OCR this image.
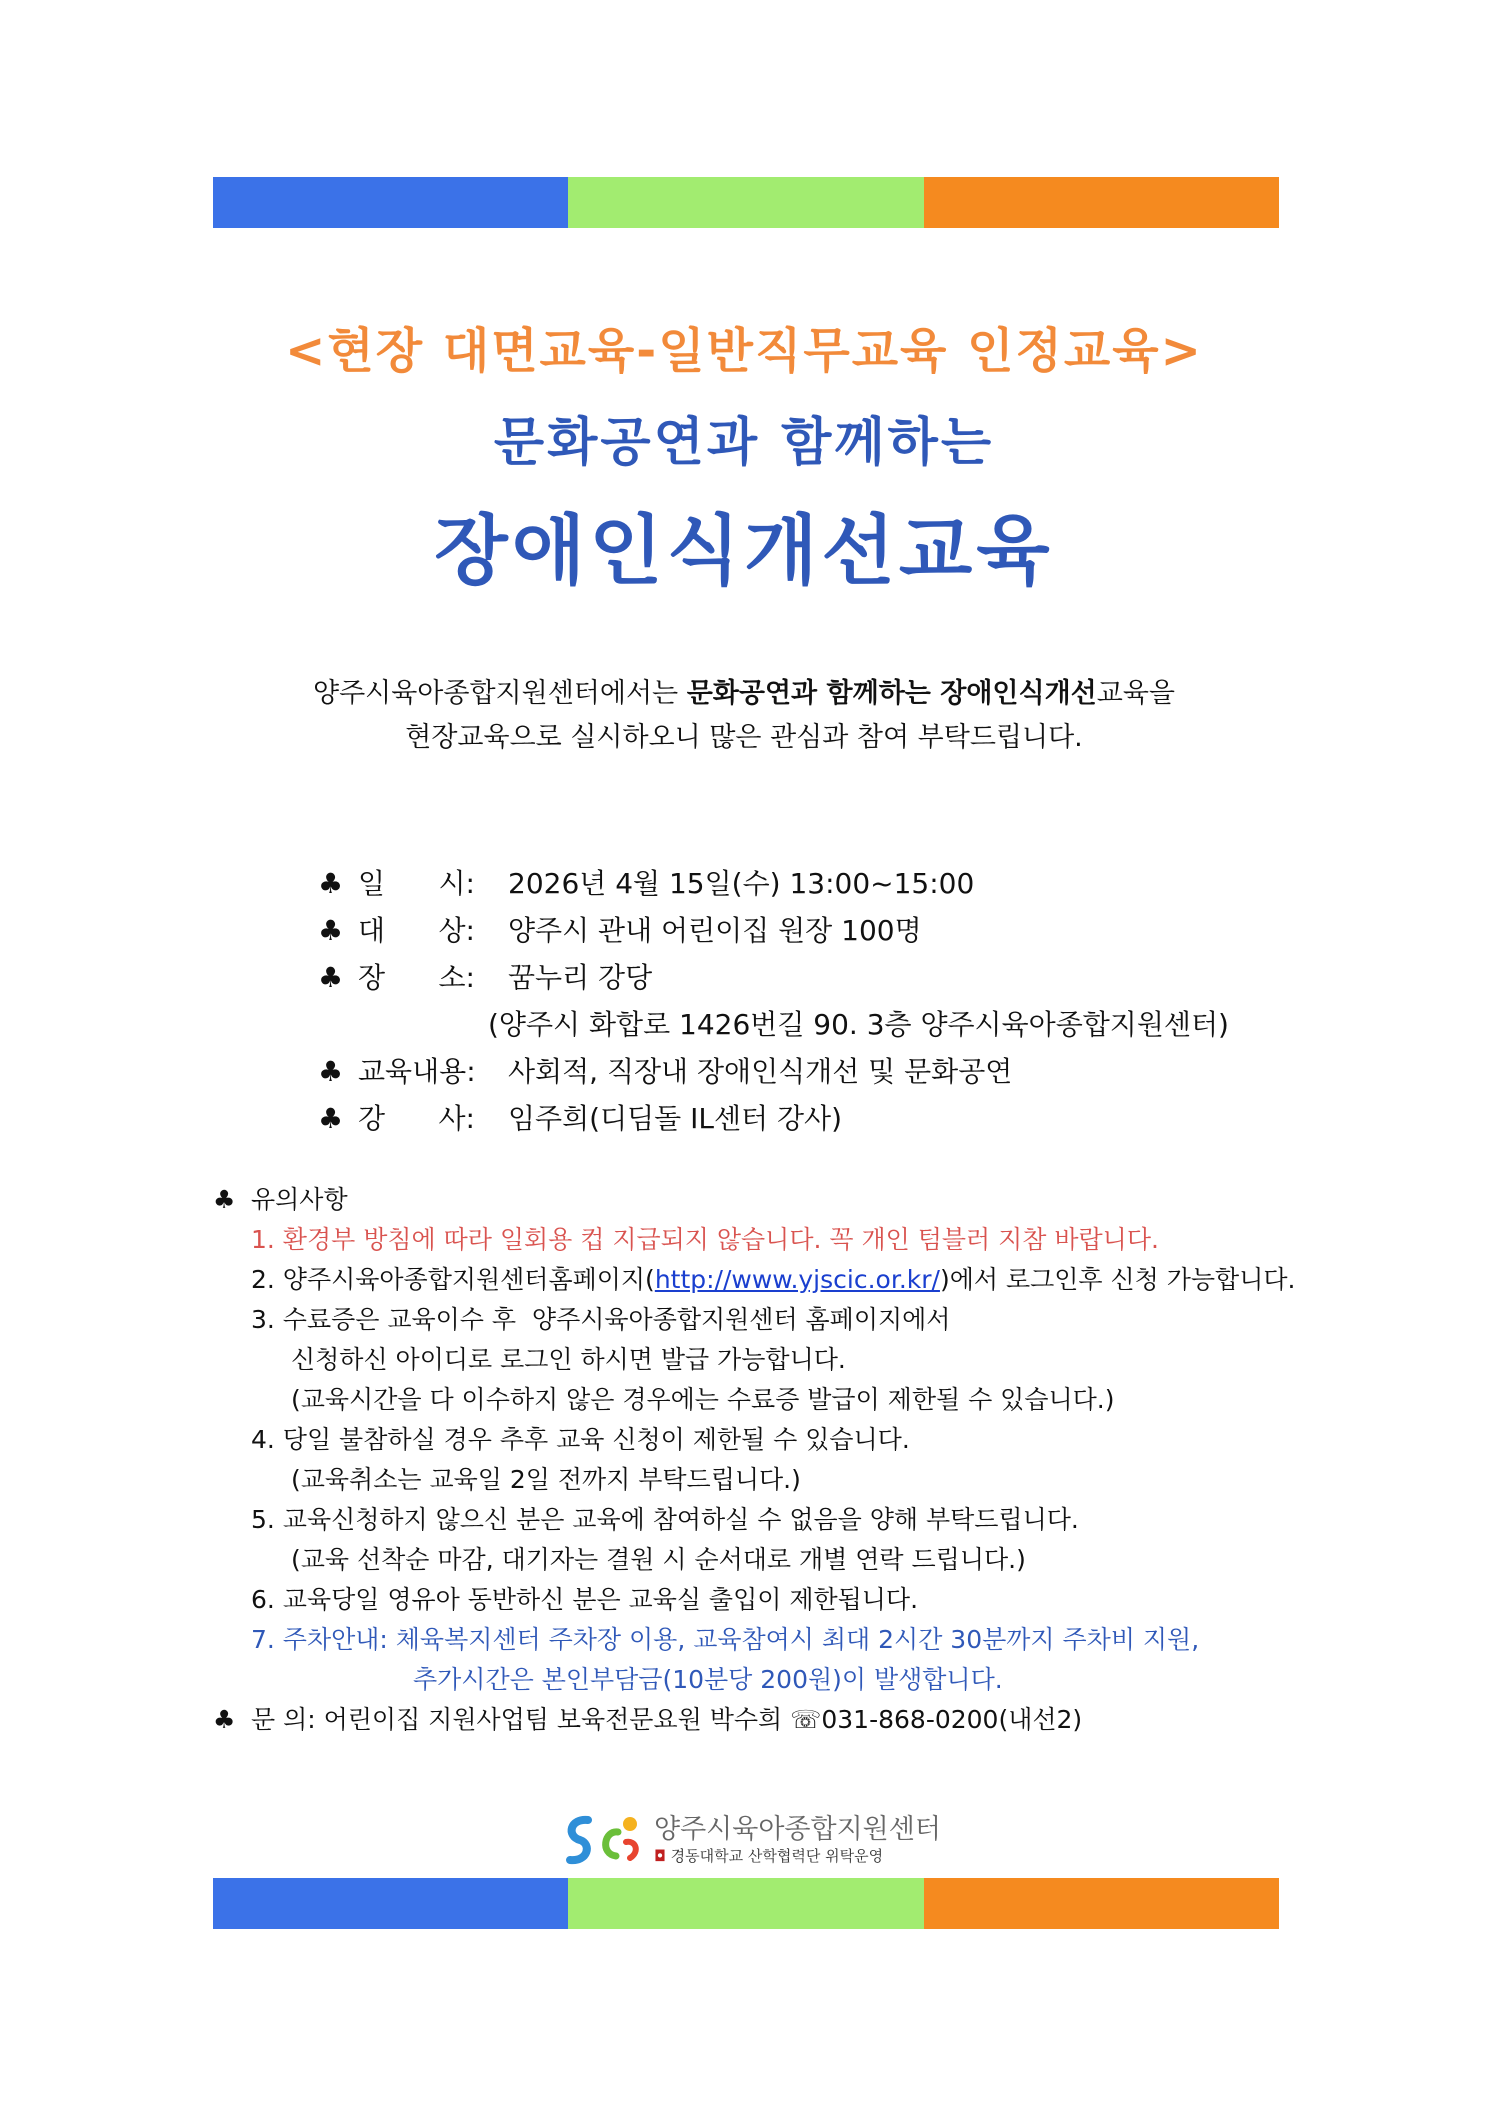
<현장 대면교육-일반직무교육 인정교육>
문화공연과 함께하는
장애인식개선교육
양주시육아종합지원센터에서는 문화공연과 함께하는 장애인식개선교육을
현장교육으로 실시하오니 많은 관심과 참여 부탁드립니다.
♣ 일      시:	2026년 4월 15일(수) 13:00~15:00
♣ 대      상:	양주시 관내 어린이집 원장 100명
♣ 장      소:	꿈누리 강당
(양주시 화합로 1426번길 90. 3층 양주시육아종합지원센터)
♣ 교육내용:	사회적, 직장내 장애인식개선 및 문화공연
♣ 강      사:	임주희(디딤돌 IL센터 강사)
♣ 유의사항
1. 환경부 방침에 따라 일회용 컵 지급되지 않습니다. 꼭 개인 텀블러 지참 바랍니다.
2. 양주시육아종합지원센터홈페이지(http://www.yjscic.or.kr/)에서 로그인후 신청 가능합니다.
3. 수료증은 교육이수 후  양주시육아종합지원센터 홈페이지에서
신청하신 아이디로 로그인 하시면 발급 가능합니다.
(교육시간을 다 이수하지 않은 경우에는 수료증 발급이 제한될 수 있습니다.)
4. 당일 불참하실 경우 추후 교육 신청이 제한될 수 있습니다.
(교육취소는 교육일 2일 전까지 부탁드립니다.)
5. 교육신청하지 않으신 분은 교육에 참여하실 수 없음을 양해 부탁드립니다.
(교육 선착순 마감, 대기자는 결원 시 순서대로 개별 연락 드립니다.)
6. 교육당일 영유아 동반하신 분은 교육실 출입이 제한됩니다.
7. 주차안내: 체육복지센터 주차장 이용, 교육참여시 최대 2시간 30분까지 주차비 지원,
추가시간은 본인부담금(10분당 200원)이 발생합니다.
♣ 문 의: 어린이집 지원사업팀 보육전문요원 박수희 ☏031-868-0200(내선2)
양주시육아종합지원센터
◘ 경동대학교 산학협력단 위탁운영
